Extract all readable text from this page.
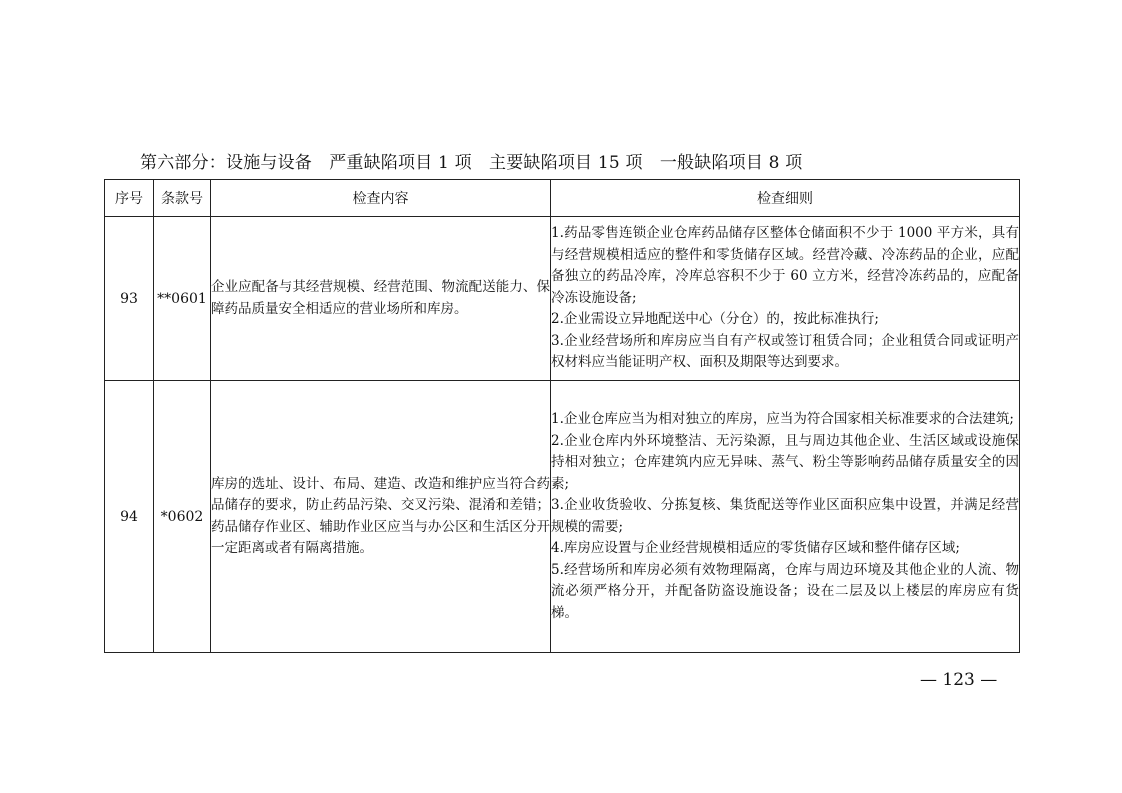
第六部分：设施与设备　严重缺陷项目 1 项　主要缺陷项目 15 项　一般缺陷项目 8 项
序号	条款号	检查内容	检查细则
93	**0601	企业应配备与其经营规模、经营范围、物流配送能力、保障药品质量安全相适应的营业场所和库房。	1.药品零售连锁企业仓库药品储存区整体仓储面积不少于 1000 平方米，具有与经营规模相适应的整件和零货储存区域。经营冷藏、冷冻药品的企业，应配备独立的药品冷库，冷库总容积不少于 60 立方米，经营冷冻药品的，应配备冷冻设施设备;
2.企业需设立异地配送中心（分仓）的，按此标准执行;
3.企业经营场所和库房应当自有产权或签订租赁合同；企业租赁合同或证明产权材料应当能证明产权、面积及期限等达到要求。

94	*0602	库房的选址、设计、布局、建造、改造和维护应当符合药品储存的要求，防止药品污染、交叉污染、混淆和差错；药品储存作业区、辅助作业区应当与办公区和生活区分开一定距离或者有隔离措施。	1.企业仓库应当为相对独立的库房，应当为符合国家相关标准要求的合法建筑;
2.企业仓库内外环境整洁、无污染源，且与周边其他企业、生活区域或设施保持相对独立；仓库建筑内应无异味、蒸气、粉尘等影响药品储存质量安全的因素;
3.企业收货验收、分拣复核、集货配送等作业区面积应集中设置，并满足经营规模的需要;
4.库房应设置与企业经营规模相适应的零货储存区域和整件储存区域;
5.经营场所和库房必须有效物理隔离，仓库与周边环境及其他企业的人流、物流必须严格分开，并配备防盗设施设备；设在二层及以上楼层的库房应有货梯。
— 123 —
